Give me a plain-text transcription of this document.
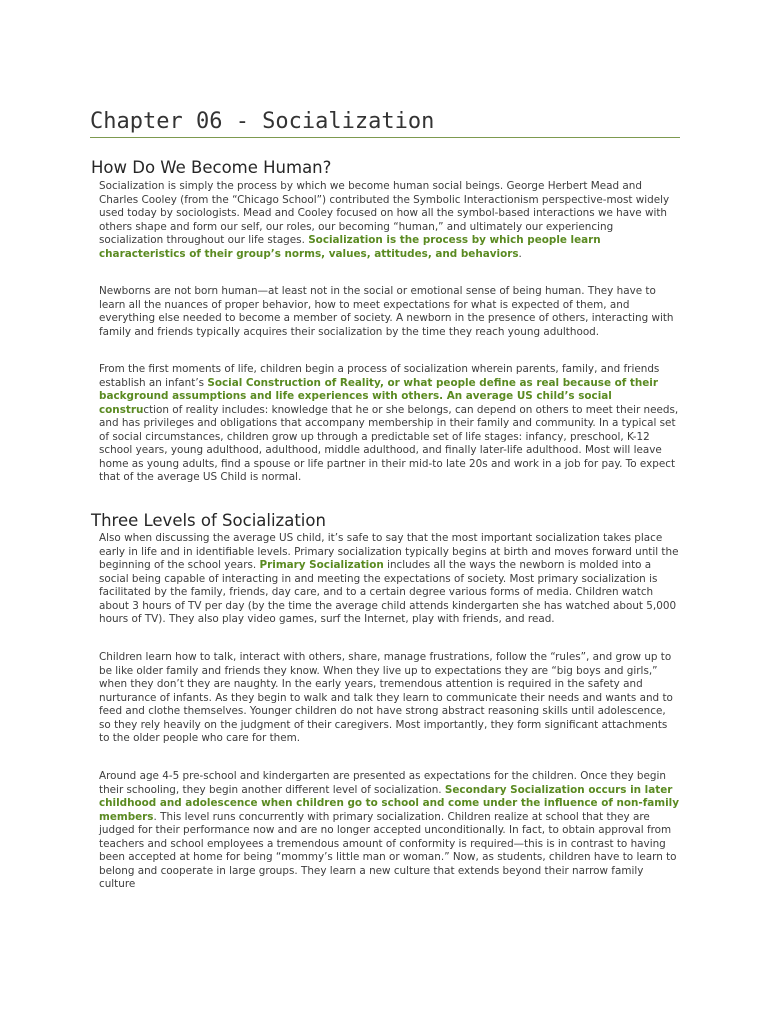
Chapter 06 - Socialization
How Do We Become Human?

Socialization is simply the process by which we become human social beings. George Herbert Mead and Charles Cooley (from the “Chicago School”) contributed the Symbolic Interactionism perspective-most widely used today by sociologists. Mead and Cooley focused on how all the symbol-based interactions we have with others shape and form our self, our roles, our becoming “human,” and ultimately our experiencing socialization throughout our life stages. Socialization is the process by which people learn characteristics of their group’s norms, values, attitudes, and behaviors.

Newborns are not born human—at least not in the social or emotional sense of being human. They have to learn all the nuances of proper behavior, how to meet expectations for what is expected of them, and everything else needed to become a member of society. A newborn in the presence of others, interacting with family and friends typically acquires their socialization by the time they reach young adulthood.

From the first moments of life, children begin a process of socialization wherein parents, family, and friends establish an infant’s Social Construction of Reality, or what people define as real because of their background assumptions and life experiences with others. An average US child’s social construction of reality includes: knowledge that he or she belongs, can depend on others to meet their needs, and has privileges and obligations that accompany membership in their family and community. In a typical set of social circumstances, children grow up through a predictable set of life stages: infancy, preschool, K-12 school years, young adulthood, adulthood, middle adulthood, and finally later-life adulthood. Most will leave home as young adults, find a spouse or life partner in their mid-to late 20s and work in a job for pay. To expect that of the average US Child is normal.

Three Levels of Socialization

Also when discussing the average US child, it’s safe to say that the most important socialization takes place early in life and in identifiable levels. Primary socialization typically begins at birth and moves forward until the beginning of the school years. Primary Socialization includes all the ways the newborn is molded into a social being capable of interacting in and meeting the expectations of society. Most primary socialization is facilitated by the family, friends, day care, and to a certain degree various forms of media. Children watch about 3 hours of TV per day (by the time the average child attends kindergarten she has watched about 5,000 hours of TV). They also play video games, surf the Internet, play with friends, and read.

Children learn how to talk, interact with others, share, manage frustrations, follow the “rules”, and grow up to be like older family and friends they know. When they live up to expectations they are “big boys and girls,” when they don’t they are naughty. In the early years, tremendous attention is required in the safety and nurturance of infants. As they begin to walk and talk they learn to communicate their needs and wants and to feed and clothe themselves. Younger children do not have strong abstract reasoning skills until adolescence, so they rely heavily on the judgment of their caregivers. Most importantly, they form significant attachments to the older people who care for them.

Around age 4-5 pre-school and kindergarten are presented as expectations for the children. Once they begin their schooling, they begin another different level of socialization. Secondary Socialization occurs in later childhood and adolescence when children go to school and come under the influence of non-family members. This level runs concurrently with primary socialization. Children realize at school that they are judged for their performance now and are no longer accepted unconditionally. In fact, to obtain approval from teachers and school employees a tremendous amount of conformity is required—this is in contrast to having been accepted at home for being “mommy’s little man or woman.” Now, as students, children have to learn to belong and cooperate in large groups. They learn a new culture that extends beyond their narrow family culture
